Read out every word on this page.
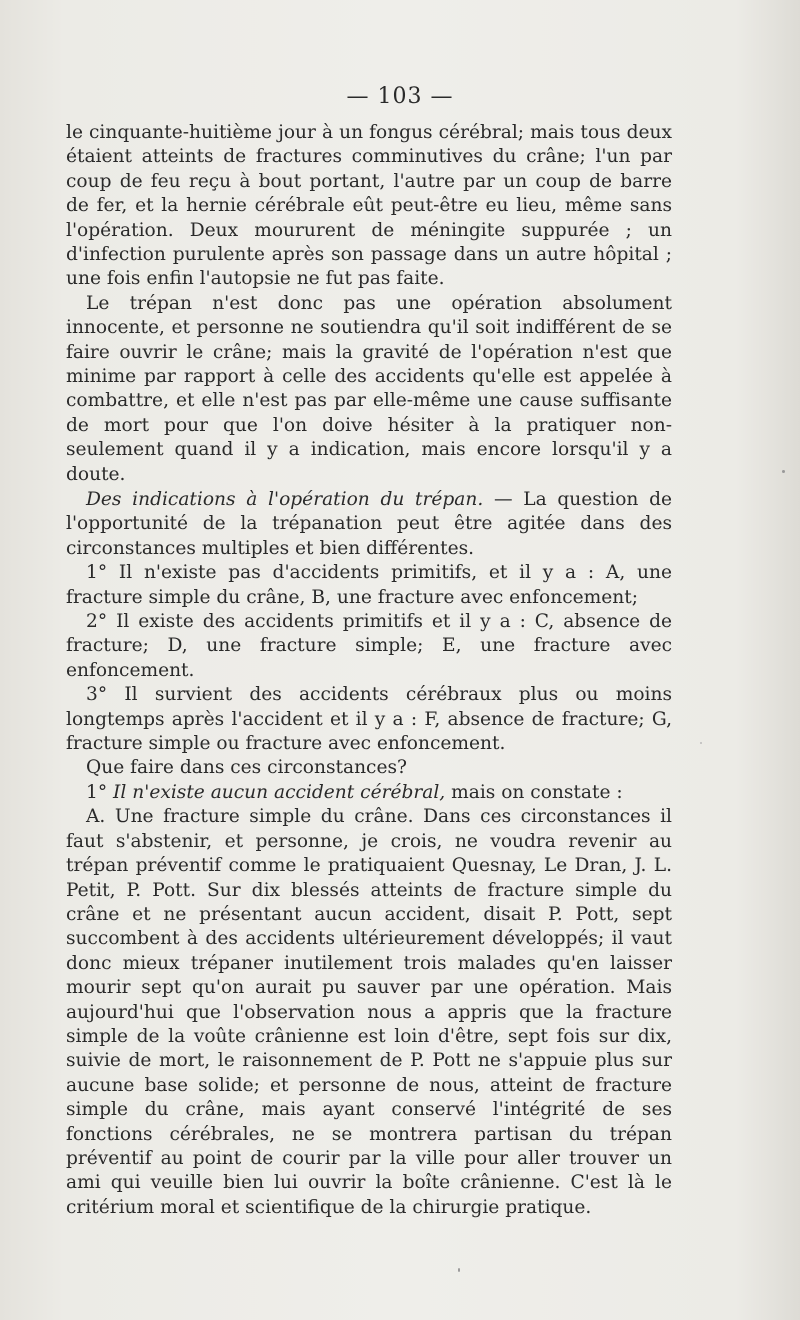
— 103 —

le cinquante-huitième jour à un fongus cérébral; mais tous deux étaient atteints de fractures comminutives du crâne; l'un par coup de feu reçu à bout portant, l'autre par un coup de barre de fer, et la hernie cérébrale eût peut-être eu lieu, même sans l'opération. Deux moururent de méningite suppurée ; un d'infection purulente après son passage dans un autre hôpital ; une fois enfin l'autopsie ne fut pas faite.

Le trépan n'est donc pas une opération absolument innocente, et personne ne soutiendra qu'il soit indifférent de se faire ouvrir le crâne; mais la gravité de l'opération n'est que minime par rapport à celle des accidents qu'elle est appelée à combattre, et elle n'est pas par elle-même une cause suffisante de mort pour que l'on doive hésiter à la pratiquer non-seulement quand il y a indication, mais encore lorsqu'il y a doute.

Des indications à l'opération du trépan. — La question de l'opportunité de la trépanation peut être agitée dans des circonstances multiples et bien différentes.

1° Il n'existe pas d'accidents primitifs, et il y a : A, une fracture simple du crâne, B, une fracture avec enfoncement;

2° Il existe des accidents primitifs et il y a : C, absence de fracture; D, une fracture simple; E, une fracture avec enfoncement.

3° Il survient des accidents cérébraux plus ou moins longtemps après l'accident et il y a : F, absence de fracture; G, fracture simple ou fracture avec enfoncement.

Que faire dans ces circonstances?

1° Il n'existe aucun accident cérébral, mais on constate :

A. Une fracture simple du crâne. Dans ces circonstances il faut s'abstenir, et personne, je crois, ne voudra revenir au trépan préventif comme le pratiquaient Quesnay, Le Dran, J. L. Petit, P. Pott. Sur dix blessés atteints de fracture simple du crâne et ne présentant aucun accident, disait P. Pott, sept succombent à des accidents ultérieurement développés; il vaut donc mieux trépaner inutilement trois malades qu'en laisser mourir sept qu'on aurait pu sauver par une opération. Mais aujourd'hui que l'observation nous a appris que la fracture simple de la voûte crânienne est loin d'être, sept fois sur dix, suivie de mort, le raisonnement de P. Pott ne s'appuie plus sur aucune base solide; et personne de nous, atteint de fracture simple du crâne, mais ayant conservé l'intégrité de ses fonctions cérébrales, ne se montrera partisan du trépan préventif au point de courir par la ville pour aller trouver un ami qui veuille bien lui ouvrir la boîte crânienne. C'est là le critérium moral et scientifique de la chirurgie pratique.
